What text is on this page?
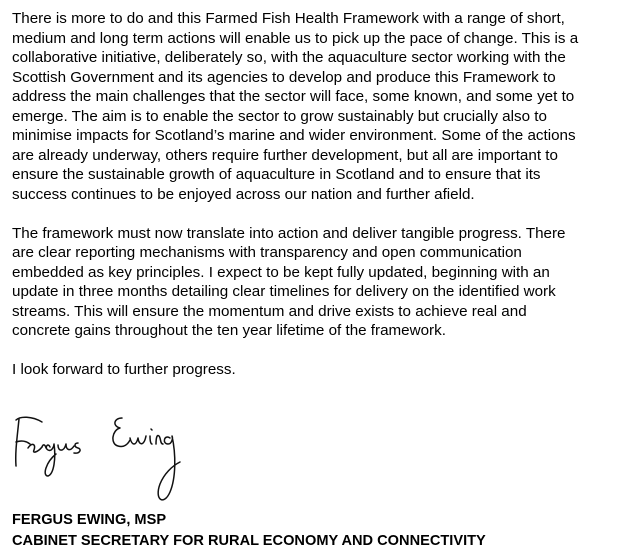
There is more to do and this Farmed Fish Health Framework with a range of short,
medium and long term actions will enable us to pick up the pace of change. This is a
collaborative initiative, deliberately so, with the aquaculture sector working with the
Scottish Government and its agencies to develop and produce this Framework to
address the main challenges that the sector will face, some known, and some yet to
emerge. The aim is to enable the sector to grow sustainably but crucially also to
minimise impacts for Scotland’s marine and wider environment. Some of the actions
are already underway, others require further development, but all are important to
ensure the sustainable growth of aquaculture in Scotland and to ensure that its
success continues to be enjoyed across our nation and further afield.

The framework must now translate into action and deliver tangible progress. There
are clear reporting mechanisms with transparency and open communication
embedded as key principles. I expect to be kept fully updated, beginning with an
update in three months detailing clear timelines for delivery on the identified work
streams. This will ensure the momentum and drive exists to achieve real and
concrete gains throughout the ten year lifetime of the framework.

I look forward to further progress.

FERGUS EWING, MSP
CABINET SECRETARY FOR RURAL ECONOMY AND CONNECTIVITY
